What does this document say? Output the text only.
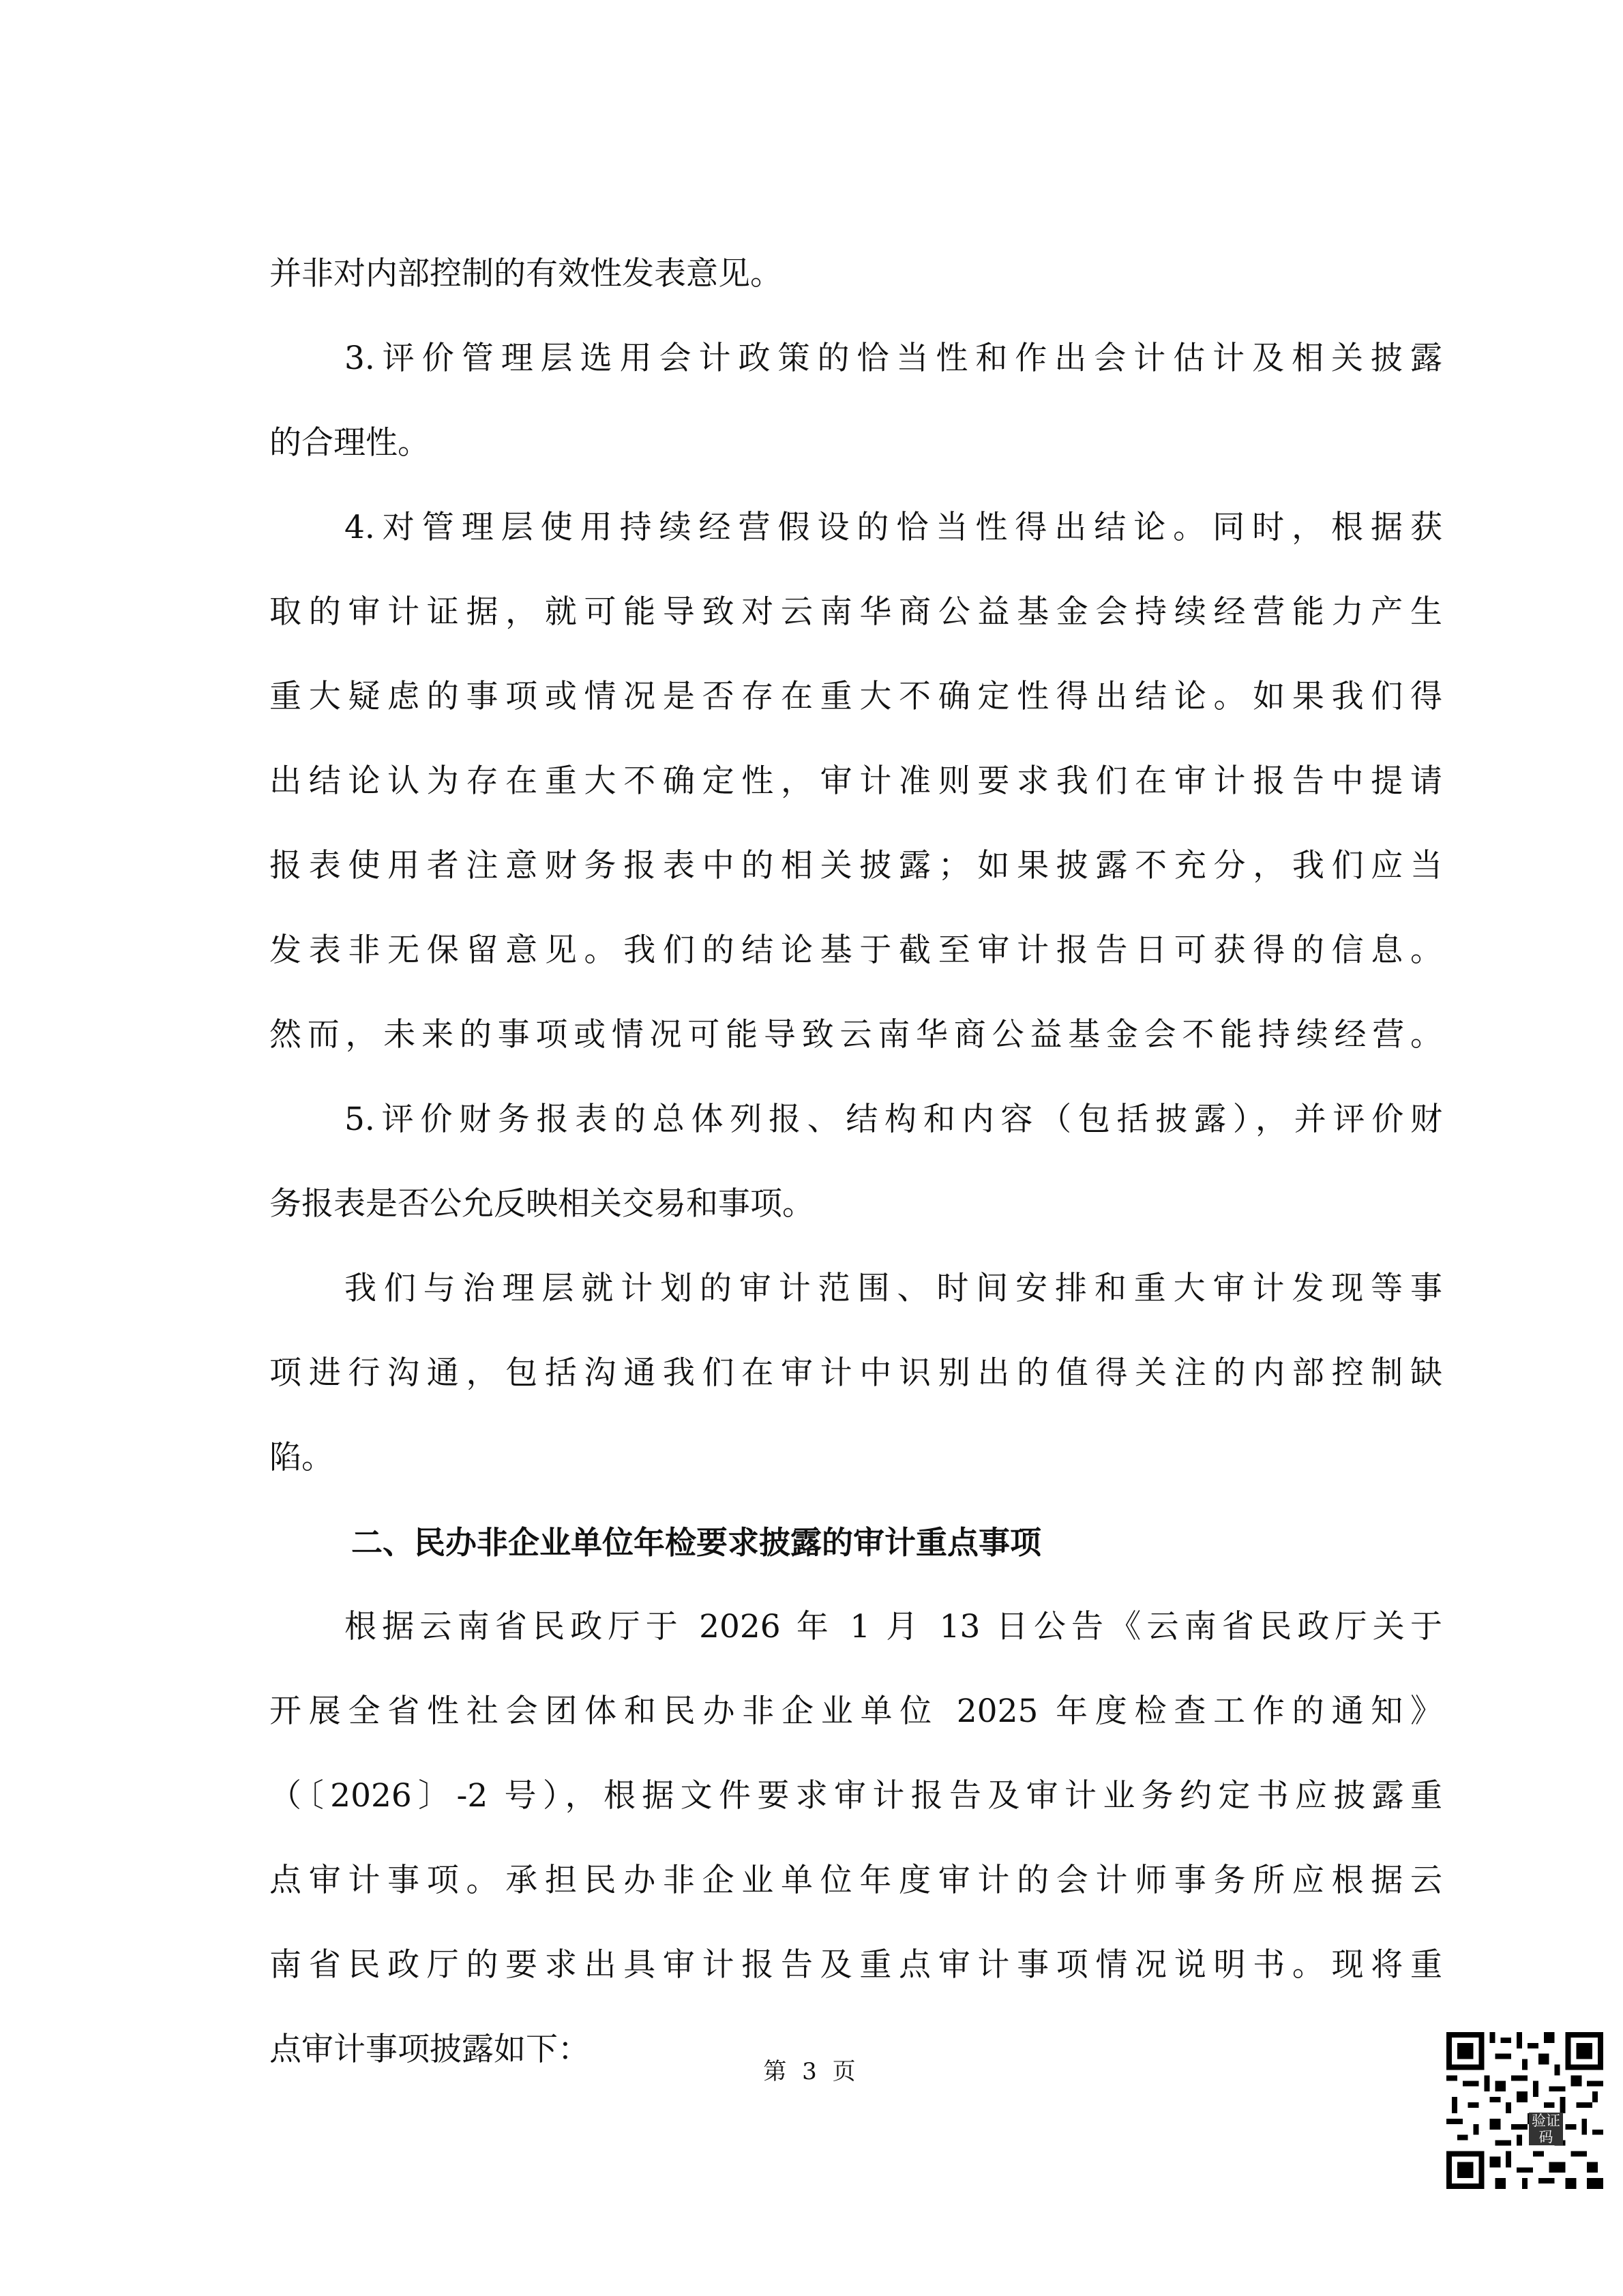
并非对内部控制的有效性发表意见。
3.评价管理层选用会计政策的恰当性和作出会计估计及相关披露
的合理性。
4.对管理层使用持续经营假设的恰当性得出结论。同时，根据获
取的审计证据，就可能导致对云南华商公益基金会持续经营能力产生
重大疑虑的事项或情况是否存在重大不确定性得出结论。如果我们得
出结论认为存在重大不确定性，审计准则要求我们在审计报告中提请
报表使用者注意财务报表中的相关披露；如果披露不充分，我们应当
发表非无保留意见。我们的结论基于截至审计报告日可获得的信息。
然而，未来的事项或情况可能导致云南华商公益基金会不能持续经营。
5.评价财务报表的总体列报、结构和内容（包括披露），并评价财
务报表是否公允反映相关交易和事项。
我们与治理层就计划的审计范围、时间安排和重大审计发现等事
项进行沟通，包括沟通我们在审计中识别出的值得关注的内部控制缺
陷。
二、民办非企业单位年检要求披露的审计重点事项
根据云南省民政厅于 2026 年 1 月 13 日公告《云南省民政厅关于
开展全省性社会团体和民办非企业单位 2025 年度检查工作的通知》
（〔2026〕-2 号），根据文件要求审计报告及审计业务约定书应披露重
点审计事项。承担民办非企业单位年度审计的会计师事务所应根据云
南省民政厅的要求出具审计报告及重点审计事项情况说明书。现将重
点审计事项披露如下：
第 3 页
验证码
